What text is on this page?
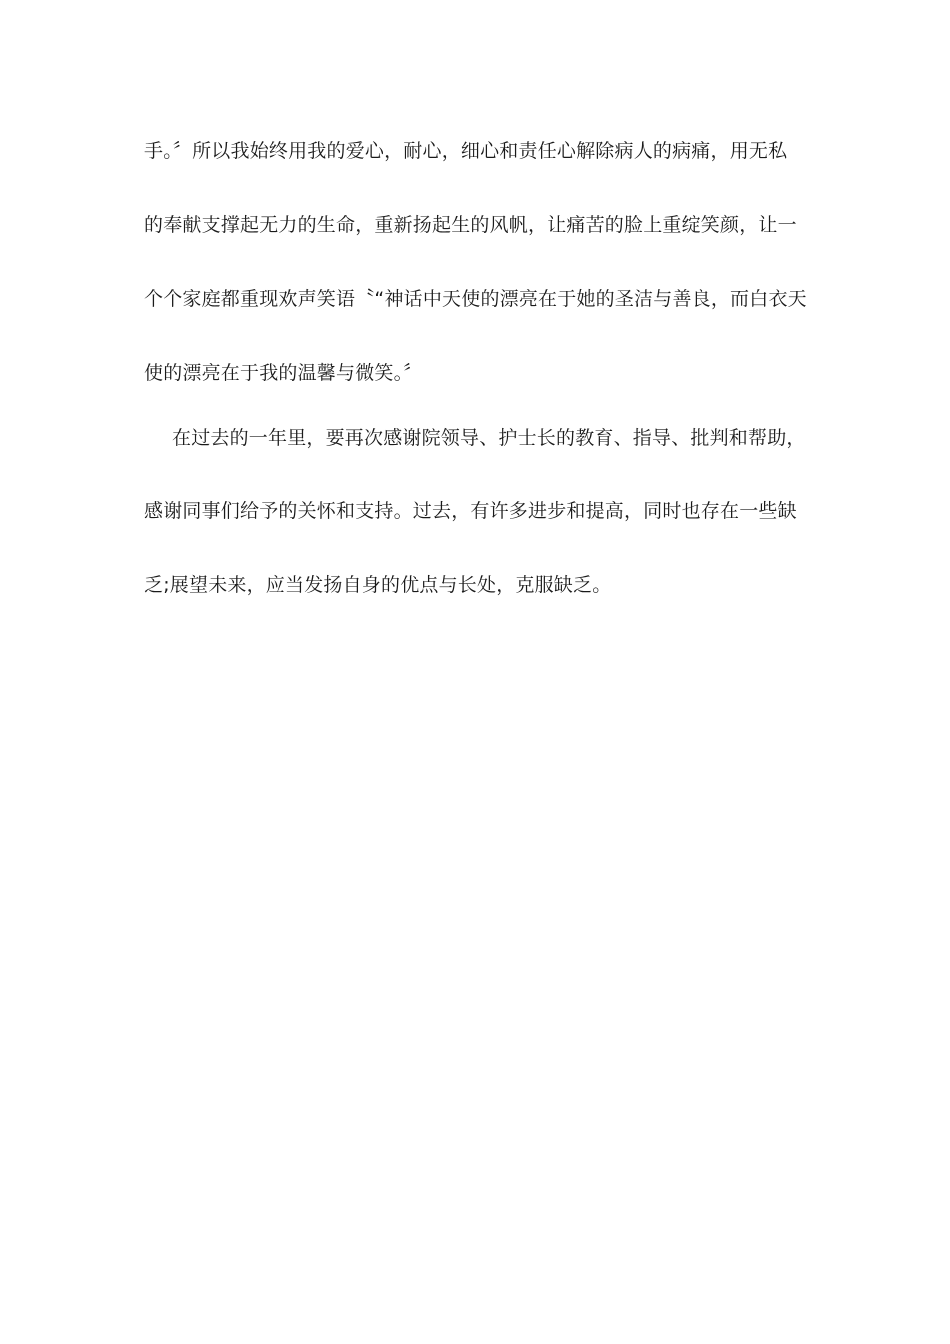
手。〞所以我始终用我的爱心，耐心，细心和责任心解除病人的病痛，用无私
的奉献支撑起无力的生命，重新扬起生的风帆，让痛苦的脸上重绽笑颜，让一
个个家庭都重现欢声笑语〝“神话中天使的漂亮在于她的圣洁与善良，而白衣天
使的漂亮在于我的温馨与微笑。〞
在过去的一年里，要再次感谢院领导、护士长的教育、指导、批判和帮助，
感谢同事们给予的关怀和支持。过去，有许多进步和提高，同时也存在一些缺
乏;展望未来，应当发扬自身的优点与长处，克服缺乏。
